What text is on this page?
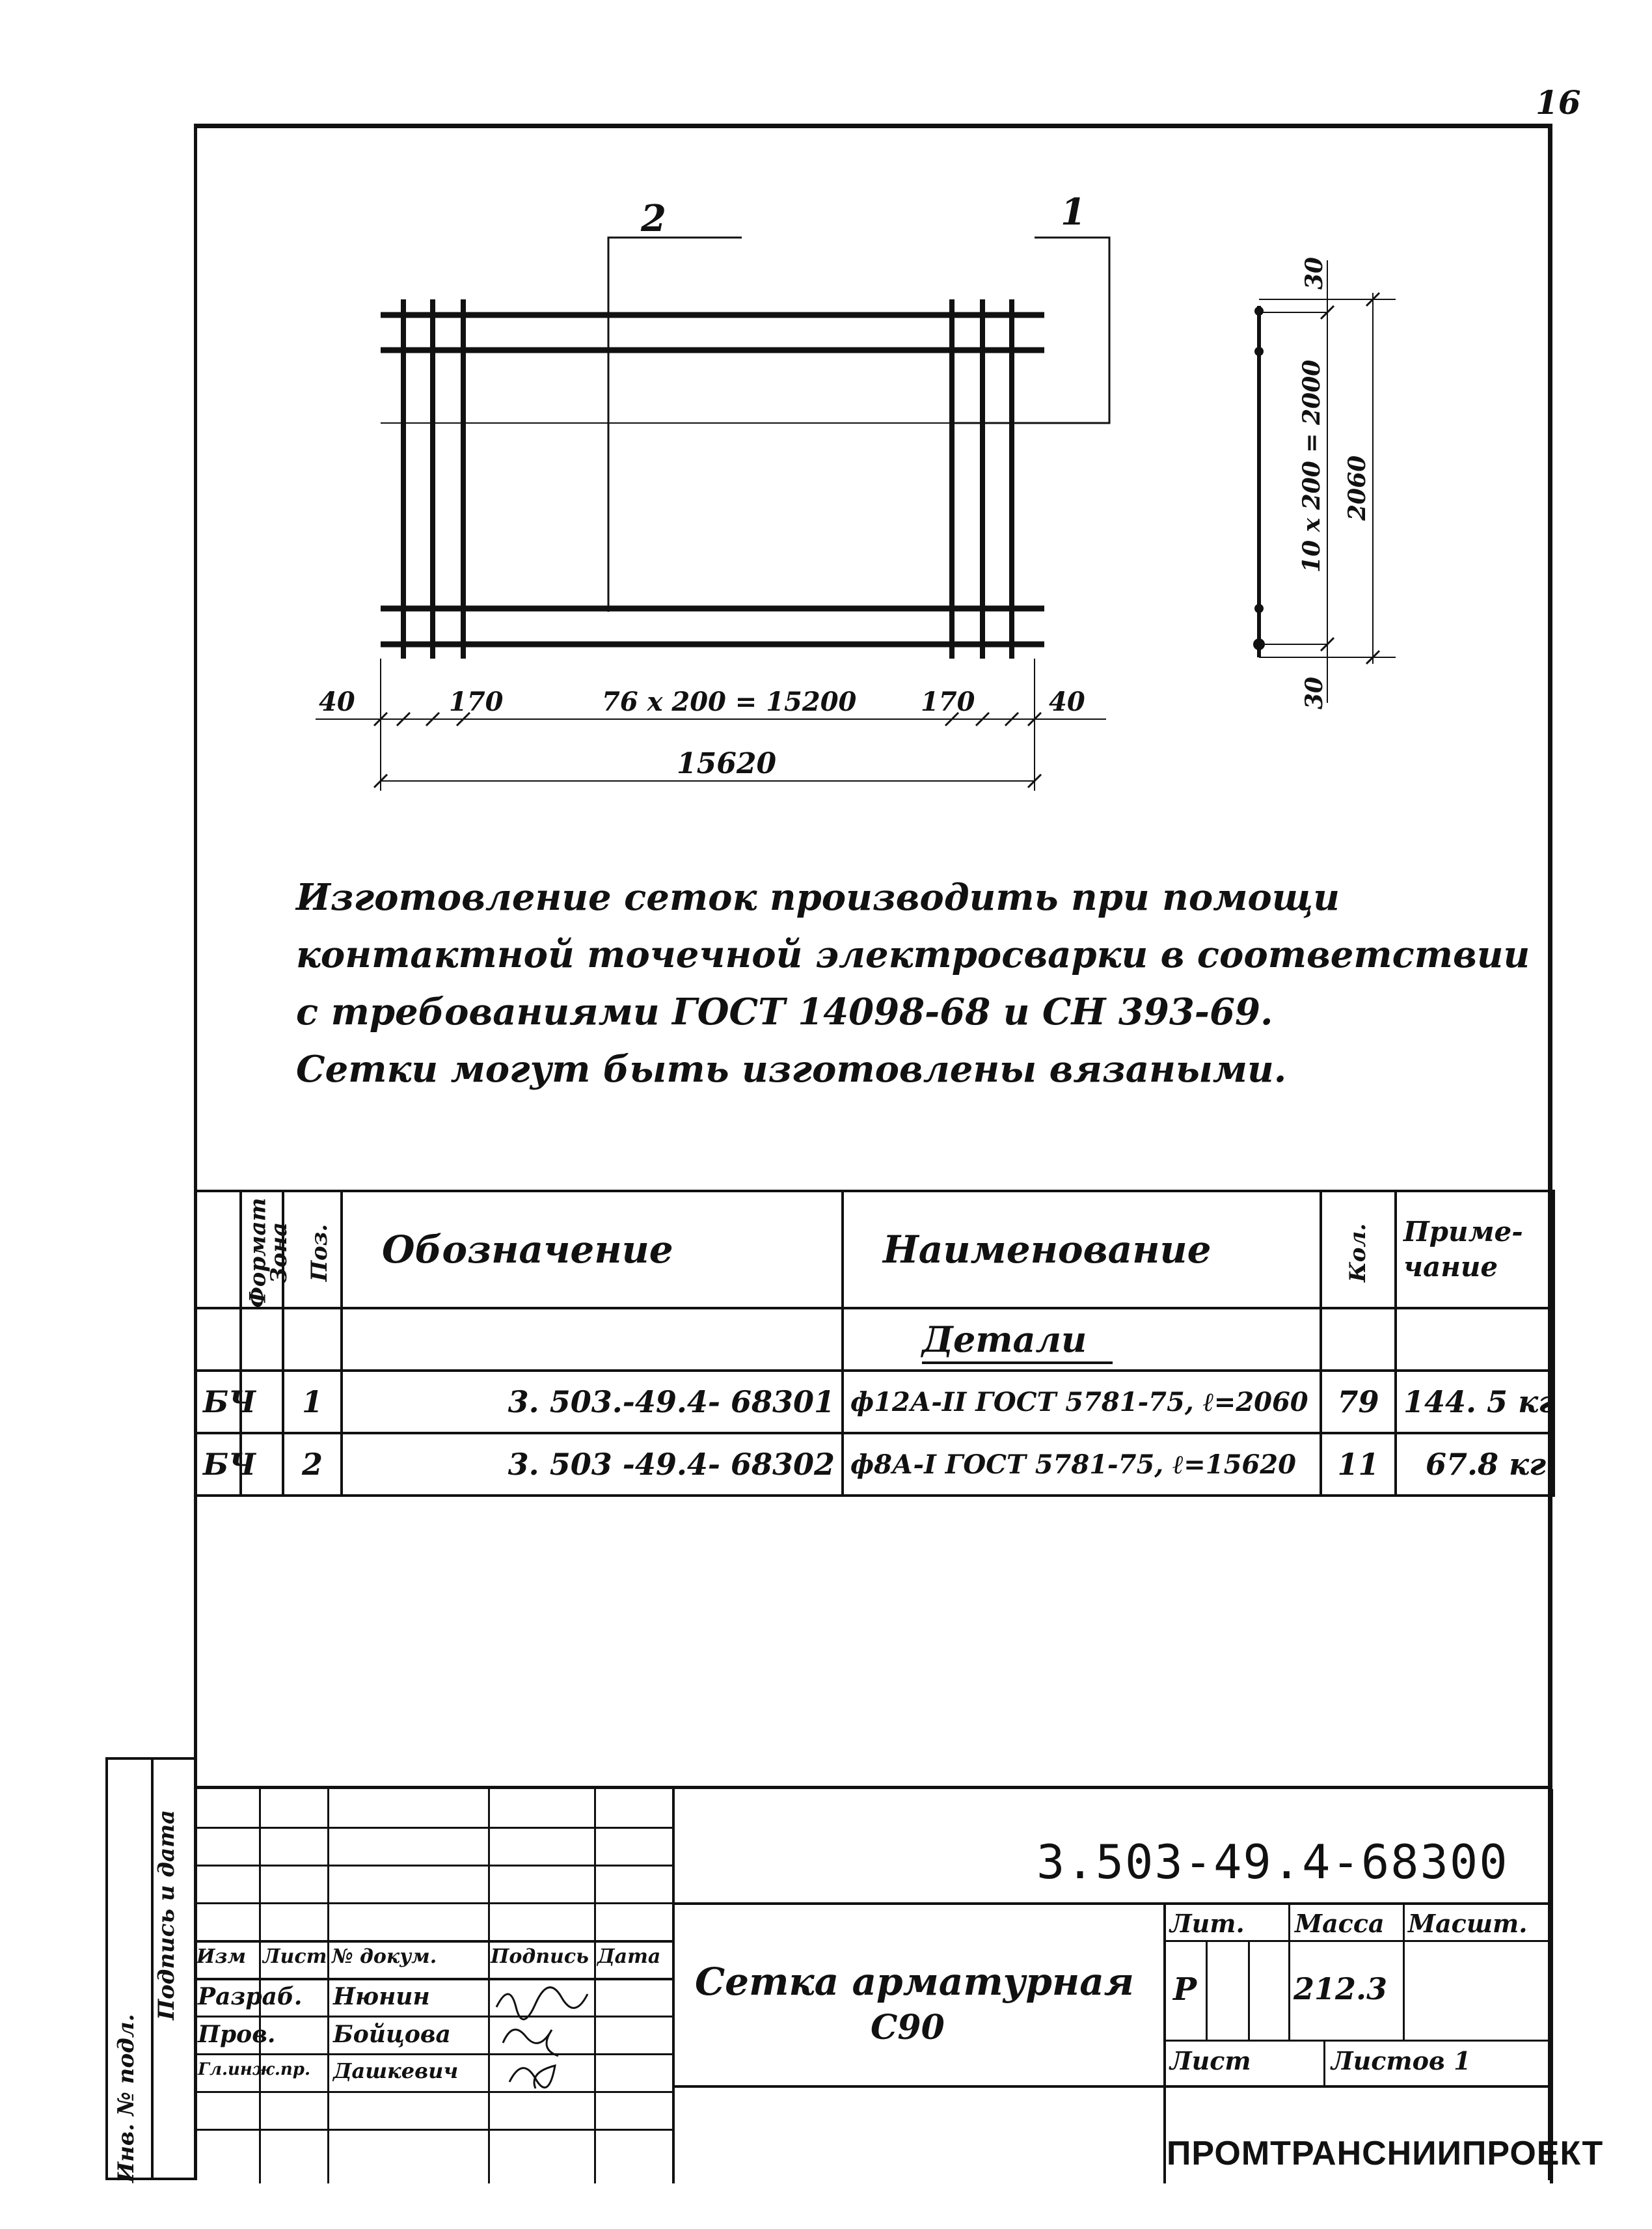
16
2	1
40	170	76 x 200 = 15200 170	40
15620
30
10 x 200 = 2000 2060
30
Изготовление сеток производить при помощи
контактной точечной электросварки в соответствии
с требованиями ГОСТ 14098-68 и СН 393-69.
Сетки могут быть изготовлены вязаными.
Формат	Зона	Поз.	Обозначение	Наименование	Кол.	Приме-чание
				Детали		
БЧ		1	3. 503.-49.4- 68301	ф12А-II ГОСТ 5781-75, ℓ=2060	79	144. 5 кг
БЧ		2	3. 503 -49.4- 68302	ф8А-I ГОСТ 5781-75, ℓ=15620	11	67.8 кг
Инв. № подл.
Подпись и дата Изм Лист № докум.	Подпись Дата
Разраб. Нюнин
Пров. Бойцова
Гл.инж.пр. Дашкевич
3.503-49.4-68300
Сетка арматурная
С90
Лит. Масса Масшт.
Р	212.3
Лист	Листов 1
ПРОМТРАНСНИИПРОЕКТ
